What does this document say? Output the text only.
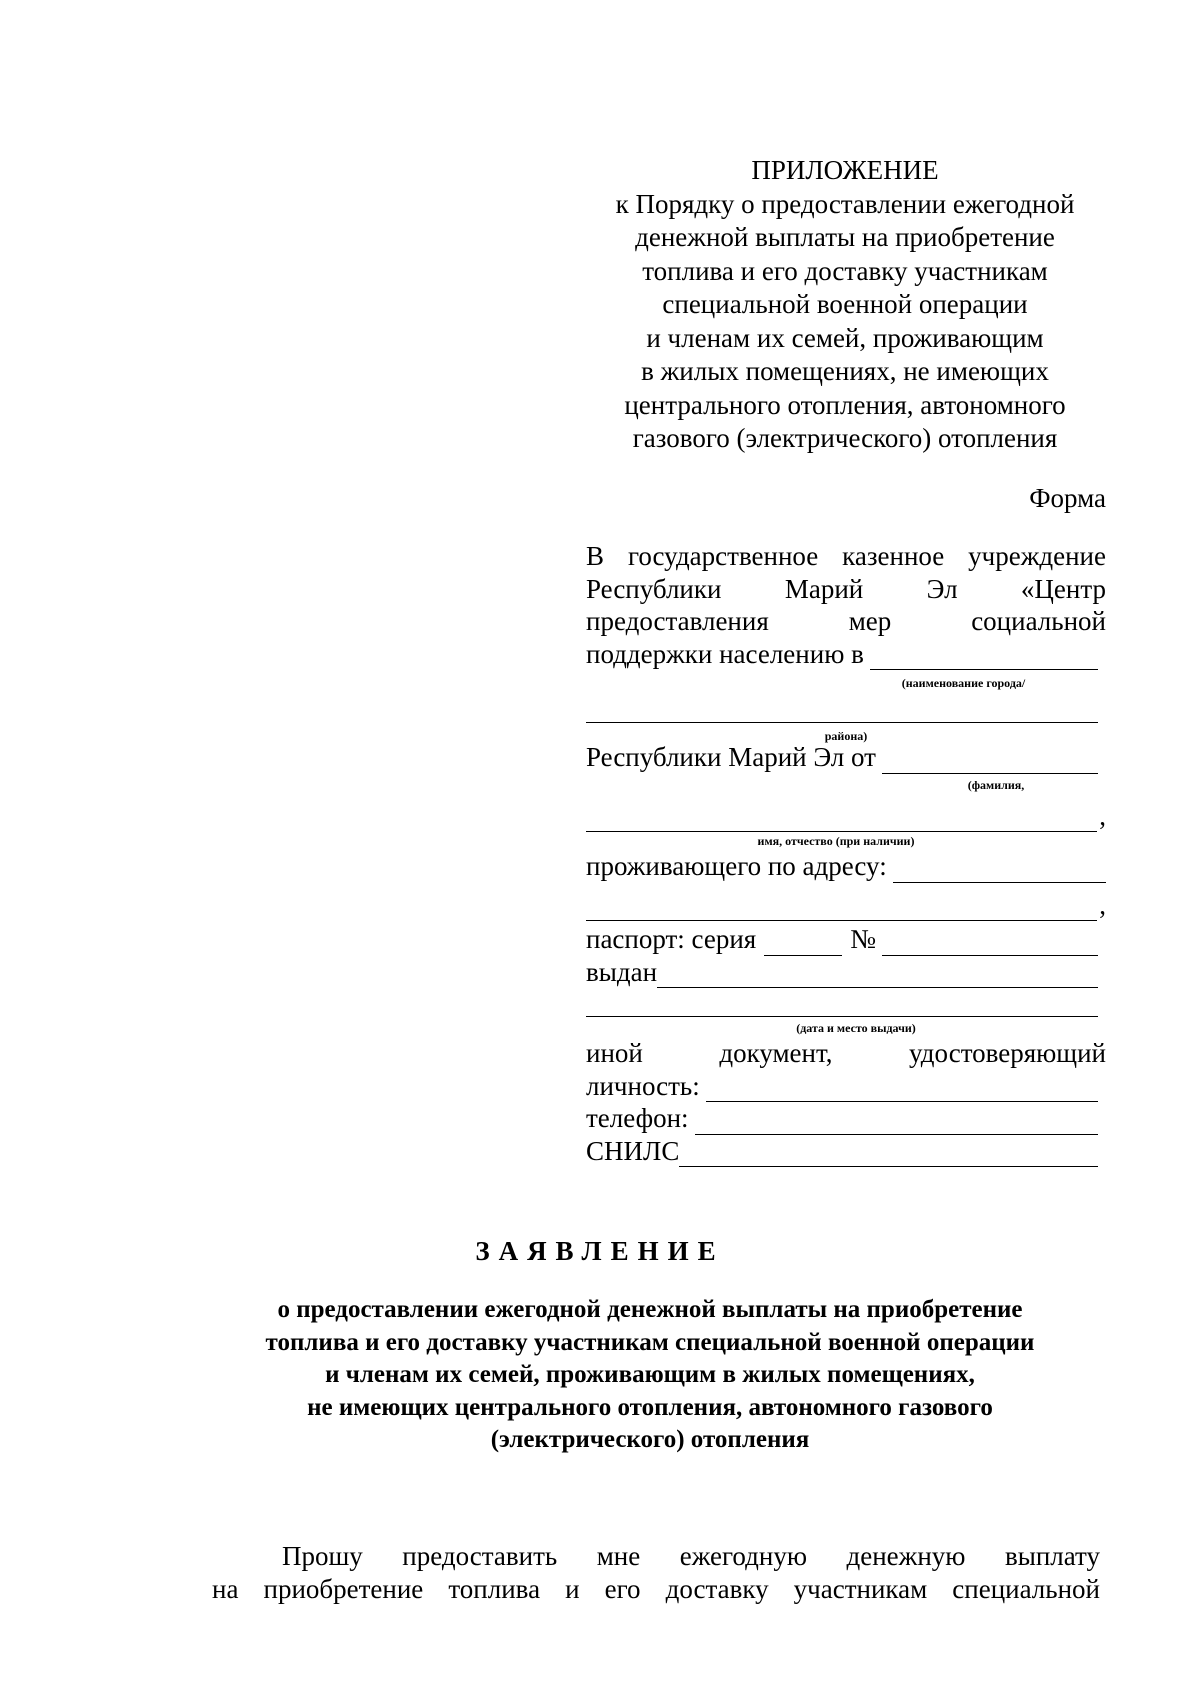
ПРИЛОЖЕНИЕ
к Порядку о предоставлении ежегодной
денежной выплаты на приобретение
топлива и его доставку участникам
специальной военной операции
и членам их семей, проживающим
в жилых помещениях, не имеющих
центрального отопления, автономного
газового (электрического) отопления
Форма
В государственное казенное учреждение
Республики Марий Эл «Центр
предоставления мер социальной
поддержки населению в
(наименование города/
района)
Республики Марий Эл от
(фамилия,
,
имя, отчество (при наличии)
проживающего по адресу:
,
паспорт: серия	№
выдан
(дата и место выдачи)
иной документ, удостоверяющий
личность:
телефон:
СНИЛС
ЗАЯВЛЕНИЕ
о предоставлении ежегодной денежной выплаты на приобретение
топлива и его доставку участникам специальной военной операции
и членам их семей, проживающим в жилых помещениях,
не имеющих центрального отопления, автономного газового
(электрического) отопления
Прошу предоставить мне ежегодную денежную выплату
на приобретение топлива и его доставку участникам специальной
